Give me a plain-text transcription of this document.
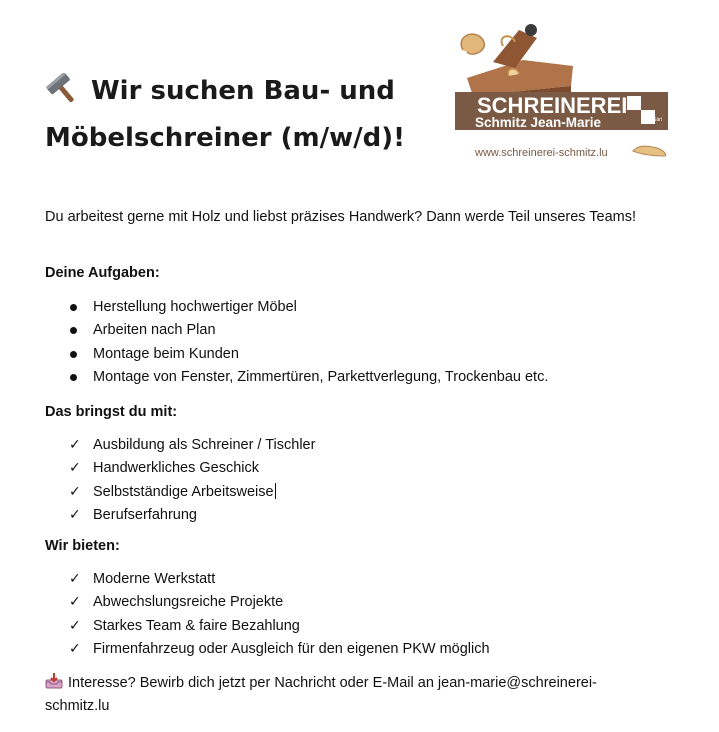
Wir suchen Bau- und
Möbelschreiner (m/w/d)!
SCHREINEREI
Schmitz Jean-Marie	Sàrl
www.schreinerei-schmitz.lu

Du arbeitest gerne mit Holz und liebst präzises Handwerk? Dann werde Teil unseres Teams!

Deine Aufgaben:

Herstellung hochwertiger Möbel
Arbeiten nach Plan
Montage beim Kunden
Montage von Fenster, Zimmertüren, Parkettverlegung, Trockenbau etc.

Das bringst du mit:

✓ Ausbildung als Schreiner / Tischler
✓ Handwerkliches Geschick
✓ Selbstständige Arbeitsweise
✓ Berufserfahrung

Wir bieten:

✓ Moderne Werkstatt
✓ Abwechslungsreiche Projekte
✓ Starkes Team & faire Bezahlung
✓ Firmenfahrzeug oder Ausgleich für den eigenen PKW möglich

Interesse? Bewirb dich jetzt per Nachricht oder E-Mail an jean-marie@schreinerei-
schmitz.lu
